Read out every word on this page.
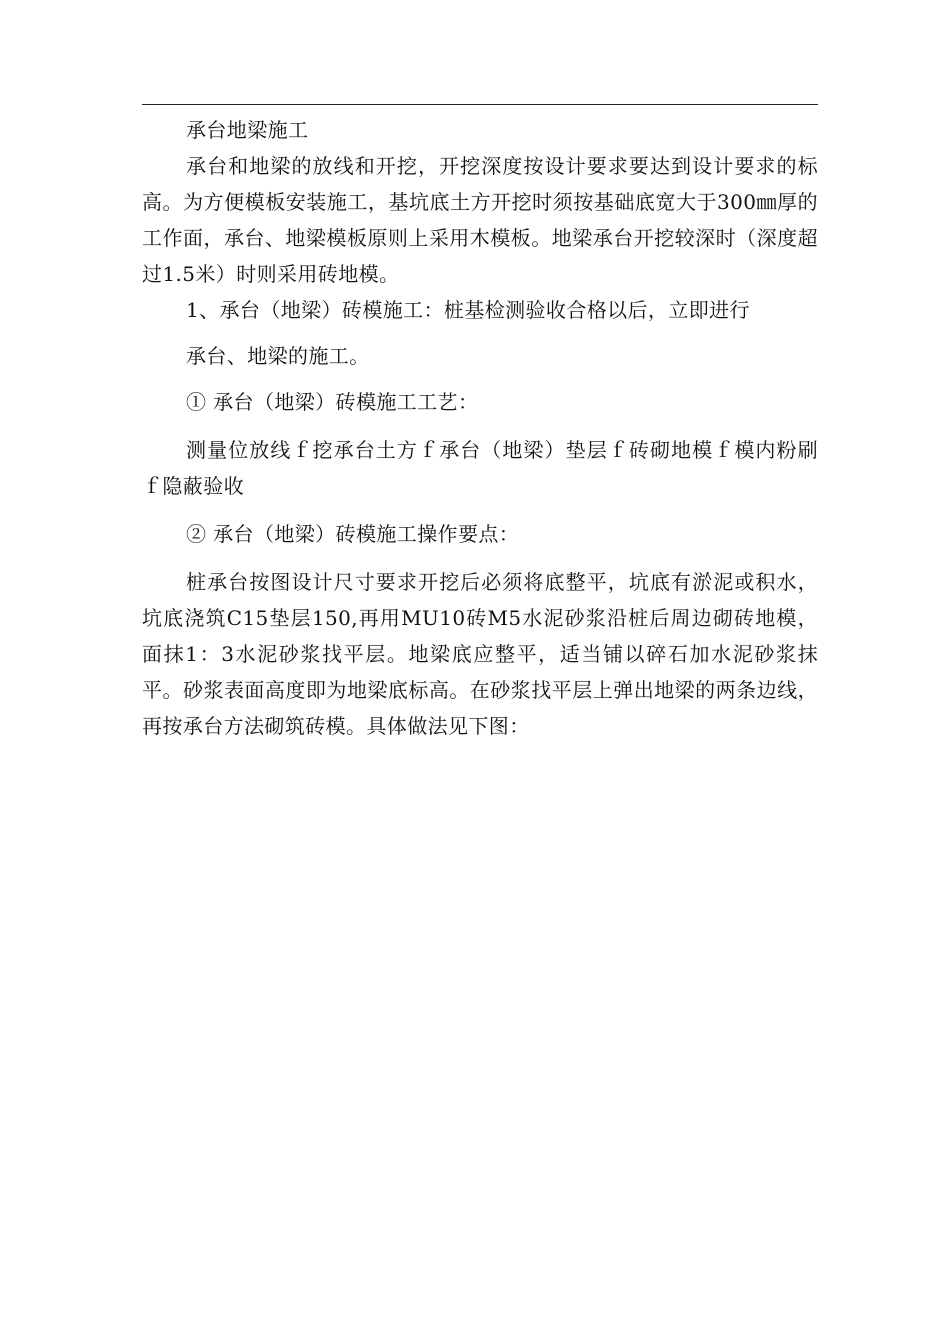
承台地梁施工

承台和地梁的放线和开挖，开挖深度按设计要求要达到设计要求的标高。为方便模板安装施工，基坑底土方开挖时须按基础底宽大于300㎜厚的工作面，承台、地梁模板原则上采用木模板。地梁承台开挖较深时（深度超过1.5米）时则采用砖地模。

1、承台（地梁）砖模施工：桩基检测验收合格以后，立即进行

承台、地梁的施工。

① 承台（地梁）砖模施工工艺：

测量位放线ｆ挖承台土方ｆ承台（地梁）垫层ｆ砖砌地模ｆ模内粉刷ｆ隐蔽验收

② 承台（地梁）砖模施工操作要点：

桩承台按图设计尺寸要求开挖后必须将底整平，坑底有淤泥或积水，坑底浇筑C15垫层150,再用MU10砖M5水泥砂浆沿桩后周边砌砖地模，面抹1：3水泥砂浆找平层。地梁底应整平，适当铺以碎石加水泥砂浆抹平。砂浆表面高度即为地梁底标高。在砂浆找平层上弹出地梁的两条边线，再按承台方法砌筑砖模。具体做法见下图：
